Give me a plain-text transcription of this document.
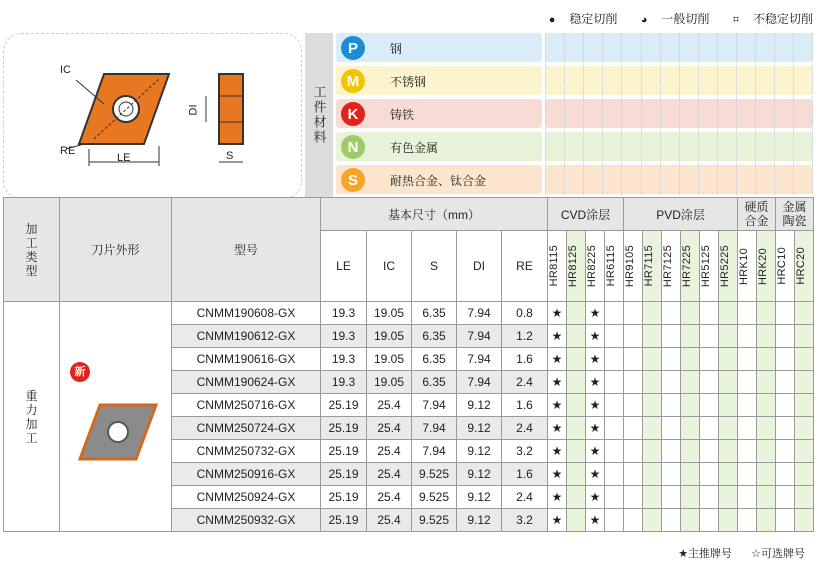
● 稳定切削 ◕ 一般切削 ⌗ 不稳定切削
IC
RE
LE
DI
S
工件材料
P	钢
M	不锈钢
K	铸铁
N	有色金属
S	耐热合金、钛合金
加工类型	刀片外形	型号	基本尺寸（mm）					CVD涂层				PVD涂层						硬质合金		金属陶瓷	

			LE	IC	S	DI	RE	HR8115	HR8125	HR8225	HR6115	HR9105	HR7115	HR7125	HR7225	HR5125	HR5225	HRK10	HRK20	HRC10	HRC20

重力加工	新	CNMM190608-GX	19.3	19.05	6.35	7.94	0.8	★		★											
		CNMM190612-GX	19.3	19.05	6.35	7.94	1.2	★		★											
		CNMM190616-GX	19.3	19.05	6.35	7.94	1.6	★		★											
		CNMM190624-GX	19.3	19.05	6.35	7.94	2.4	★		★											
		CNMM250716-GX	25.19	25.4	7.94	9.12	1.6	★		★											
		CNMM250724-GX	25.19	25.4	7.94	9.12	2.4	★		★											
		CNMM250732-GX	25.19	25.4	7.94	9.12	3.2	★		★											
		CNMM250916-GX	25.19	25.4	9.525	9.12	1.6	★		★											
		CNMM250924-GX	25.19	25.4	9.525	9.12	2.4	★		★											
		CNMM250932-GX	25.19	25.4	9.525	9.12	3.2	★		★											
★主推牌号 ☆可选牌号
